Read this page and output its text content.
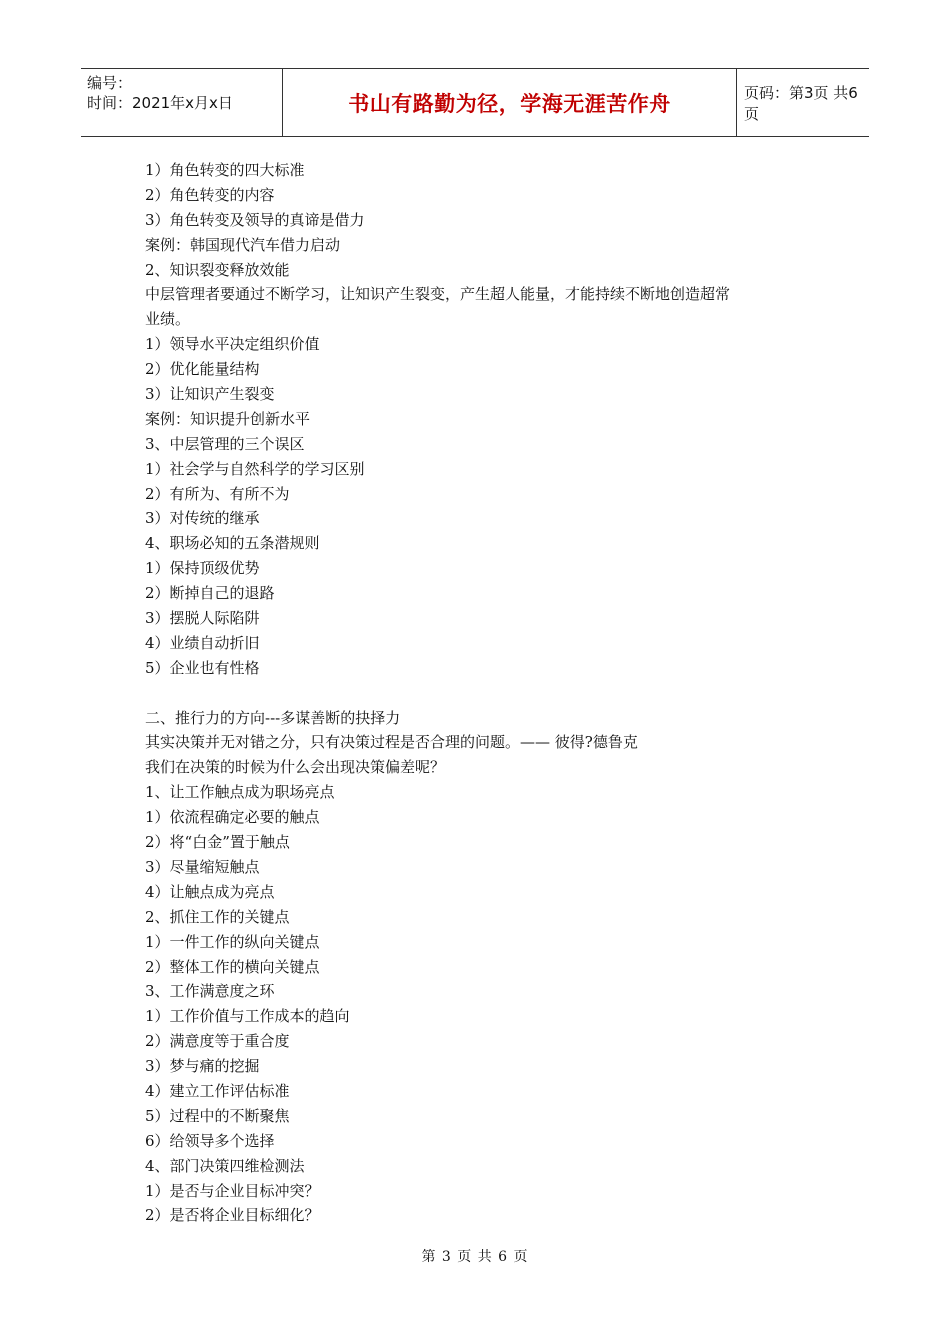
编号：
时间：2021年x月x日	书山有路勤为径，学海无涯苦作舟	页码：第3页 共6页
1）角色转变的四大标准
2）角色转变的内容
3）角色转变及领导的真谛是借力
案例：韩国现代汽车借力启动
2、知识裂变释放效能
中层管理者要通过不断学习，让知识产生裂变，产生超人能量，才能持续不断地创造超常
业绩。
1）领导水平决定组织价值
2）优化能量结构
3）让知识产生裂变
案例：知识提升创新水平
3、中层管理的三个误区
1）社会学与自然科学的学习区别
2）有所为、有所不为
3）对传统的继承
4、职场必知的五条潜规则
1）保持顶级优势
2）断掉自己的退路
3）摆脱人际陷阱
4）业绩自动折旧
5）企业也有性格
二、推行力的方向---多谋善断的抉择力
其实决策并无对错之分，只有决策过程是否合理的问题。—— 彼得?德鲁克
我们在决策的时候为什么会出现决策偏差呢？
1、让工作触点成为职场亮点
1）依流程确定必要的触点
2）将“白金”置于触点
3）尽量缩短触点
4）让触点成为亮点
2、抓住工作的关键点
1）一件工作的纵向关键点
2）整体工作的横向关键点
3、工作满意度之环
1）工作价值与工作成本的趋向
2）满意度等于重合度
3）梦与痛的挖掘
4）建立工作评估标准
5）过程中的不断聚焦
6）给领导多个选择
4、部门决策四维检测法
1）是否与企业目标冲突？
2）是否将企业目标细化？
第 3 页 共 6 页
